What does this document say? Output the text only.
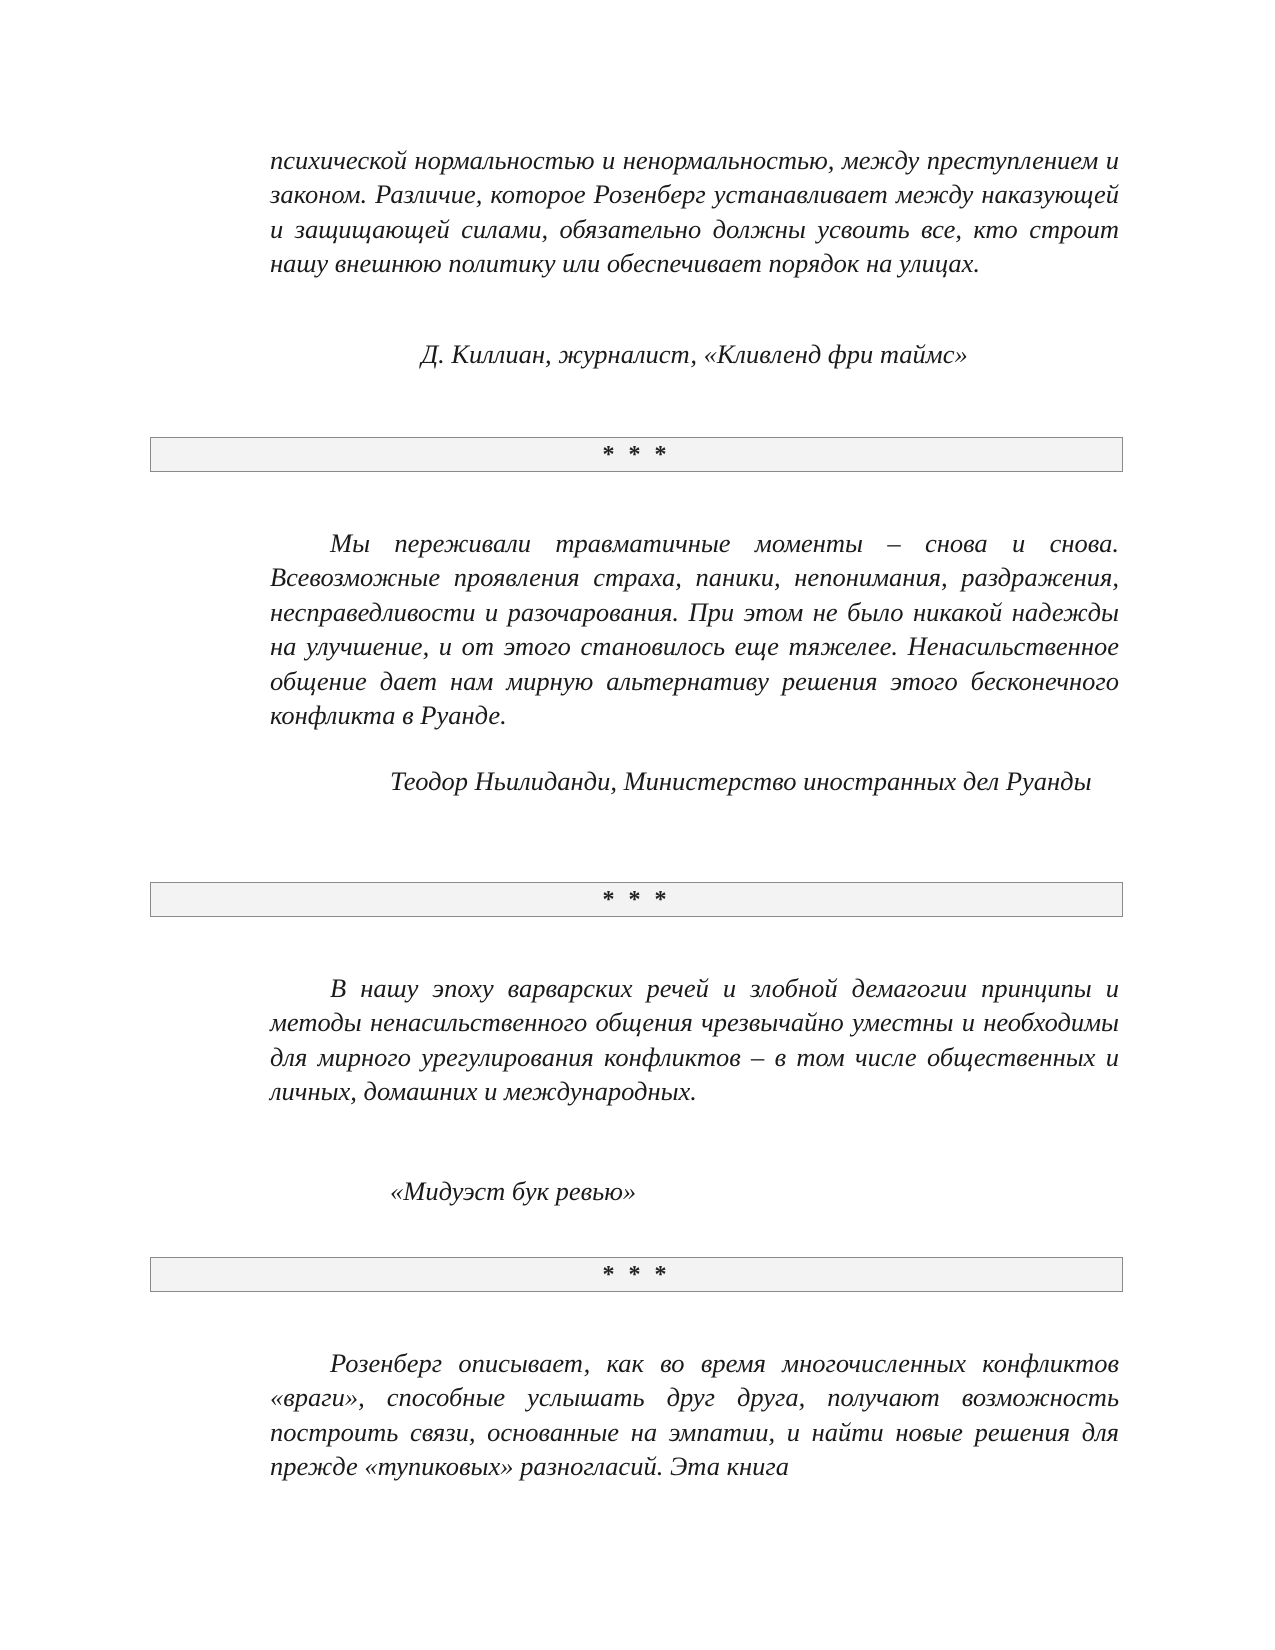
психической нормальностью и ненормальностью, между преступлением и законом. Различие, которое Розенберг устанавливает между наказующей и защищающей силами, обязательно должны усвоить все, кто строит нашу внешнюю политику или обеспечивает порядок на улицах.

Д. Киллиан, журналист, «Кливленд фри таймс»

* * *

Мы переживали травматичные моменты – снова и снова. Всевозможные проявления страха, паники, непонимания, раздражения, несправедливости и разочарования. При этом не было никакой надежды на улучшение, и от этого становилось еще тяжелее. Ненасильственное общение дает нам мирную альтернативу решения этого бесконечного конфликта в Руанде.

Теодор Ньилиданди, Министерство иностранных дел Руанды

* * *

В нашу эпоху варварских речей и злобной демагогии принципы и методы ненасильственного общения чрезвычайно уместны и необходимы для мирного урегулирования конфликтов – в том числе общественных и личных, домашних и международных.

«Мидуэст бук ревью»

* * *

Розенберг описывает, как во время многочисленных конфликтов «враги», способные услышать друг друга, получают возможность построить связи, основанные на эмпатии, и найти новые решения для прежде «тупиковых» разногласий. Эта книга
